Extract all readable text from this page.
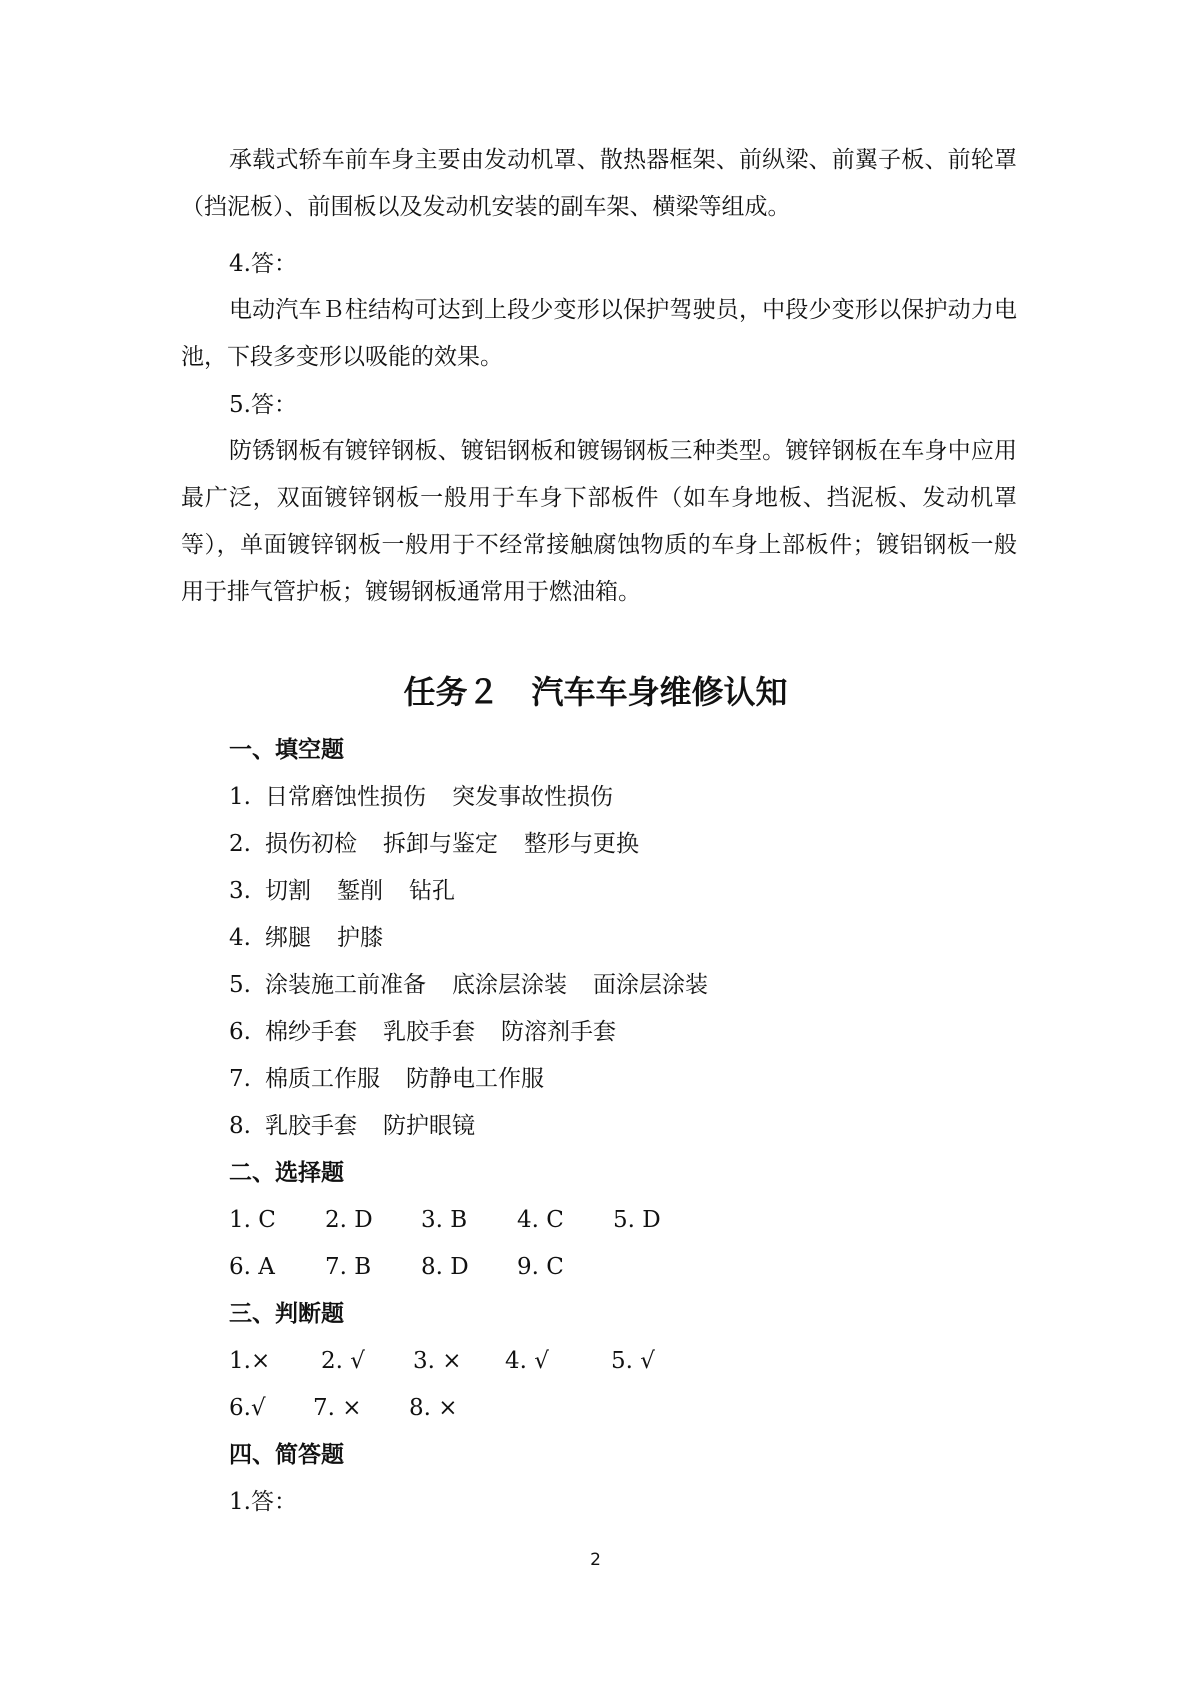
承载式轿车前车身主要由发动机罩、散热器框架、前纵梁、前翼子板、前轮罩（挡泥板）、前围板以及发动机安装的副车架、横梁等组成。

4.答：

电动汽车Ｂ柱结构可达到上段少变形以保护驾驶员，中段少变形以保护动力电池，下段多变形以吸能的效果。

5.答：

防锈钢板有镀锌钢板、镀铝钢板和镀锡钢板三种类型。镀锌钢板在车身中应用最广泛，双面镀锌钢板一般用于车身下部板件（如车身地板、挡泥板、发动机罩等），单面镀锌钢板一般用于不经常接触腐蚀物质的车身上部板件；镀铝钢板一般用于排气管护板；镀锡钢板通常用于燃油箱。

任务２　汽车车身维修认知
一、填空题
1. 日常磨蚀性损伤 突发事故性损伤
2. 损伤初检 拆卸与鉴定 整形与更换
3. 切割 錾削 钻孔
4. 绑腿 护膝
5. 涂装施工前准备 底涂层涂装 面涂层涂装
6. 棉纱手套 乳胶手套 防溶剂手套
7. 棉质工作服 防静电工作服
8. 乳胶手套 防护眼镜
二、选择题
1. C 2. D 3. B 4. C 5. D
6. A 7. B 8. D 9. C
三、判断题
1.× 2. √ 3. × 4. √	5. √
6.√ 7. × 8. ×
四、简答题

1.答：

2
